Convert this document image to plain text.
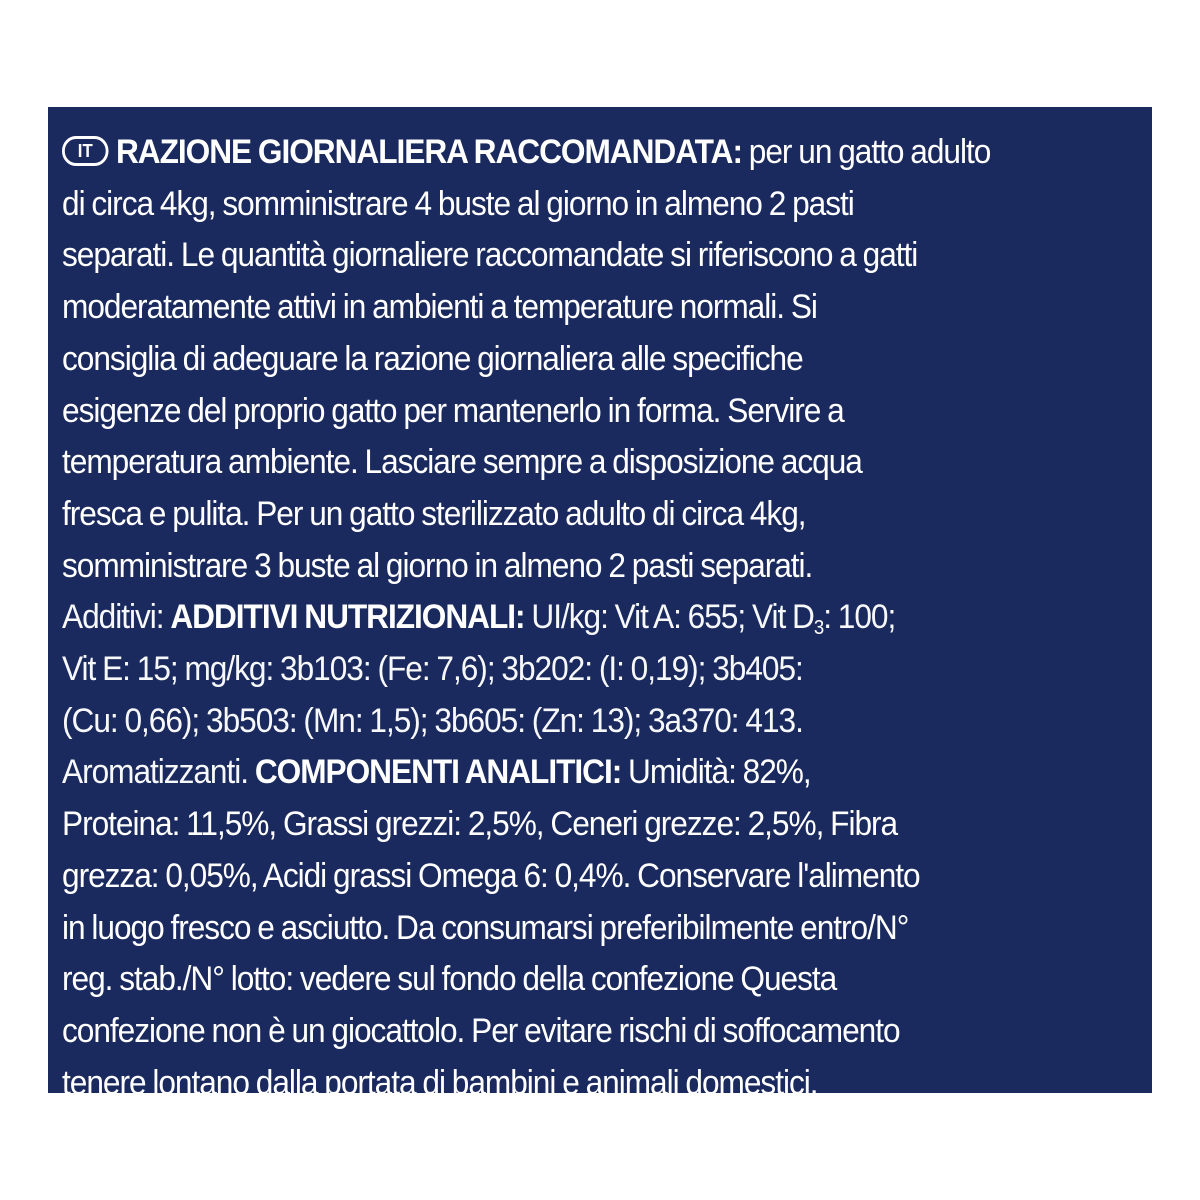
IT RAZIONE GIORNALIERA RACCOMANDATA: per un gatto adulto
di circa 4kg, somministrare 4 buste al giorno in almeno 2 pasti
separati. Le quantità giornaliere raccomandate si riferiscono a gatti
moderatamente attivi in ambienti a temperature normali. Si
consiglia di adeguare la razione giornaliera alle specifiche
esigenze del proprio gatto per mantenerlo in forma. Servire a
temperatura ambiente. Lasciare sempre a disposizione acqua
fresca e pulita. Per un gatto sterilizzato adulto di circa 4kg,
somministrare 3 buste al giorno in almeno 2 pasti separati.
Additivi: ADDITIVI NUTRIZIONALI: UI/kg: Vit A: 655; Vit $D_3$: 100;
Vit E: 15; mg/kg: 3b103: (Fe: 7,6); 3b202: (I: 0,19); 3b405:
(Cu: 0,66); 3b503: (Mn: 1,5); 3b605: (Zn: 13); 3a370: 413.
Aromatizzanti. COMPONENTI ANALITICI: Umidità: 82%,
Proteina: 11,5%, Grassi grezzi: 2,5%, Ceneri grezze: 2,5%, Fibra
grezza: 0,05%, Acidi grassi Omega 6: 0,4%. Conservare l'alimento
in luogo fresco e asciutto. Da consumarsi preferibilmente entro/N°
reg. stab./N° lotto: vedere sul fondo della confezione Questa
confezione non è un giocattolo. Per evitare rischi di soffocamento
tenere lontano dalla portata di bambini e animali domestici.
